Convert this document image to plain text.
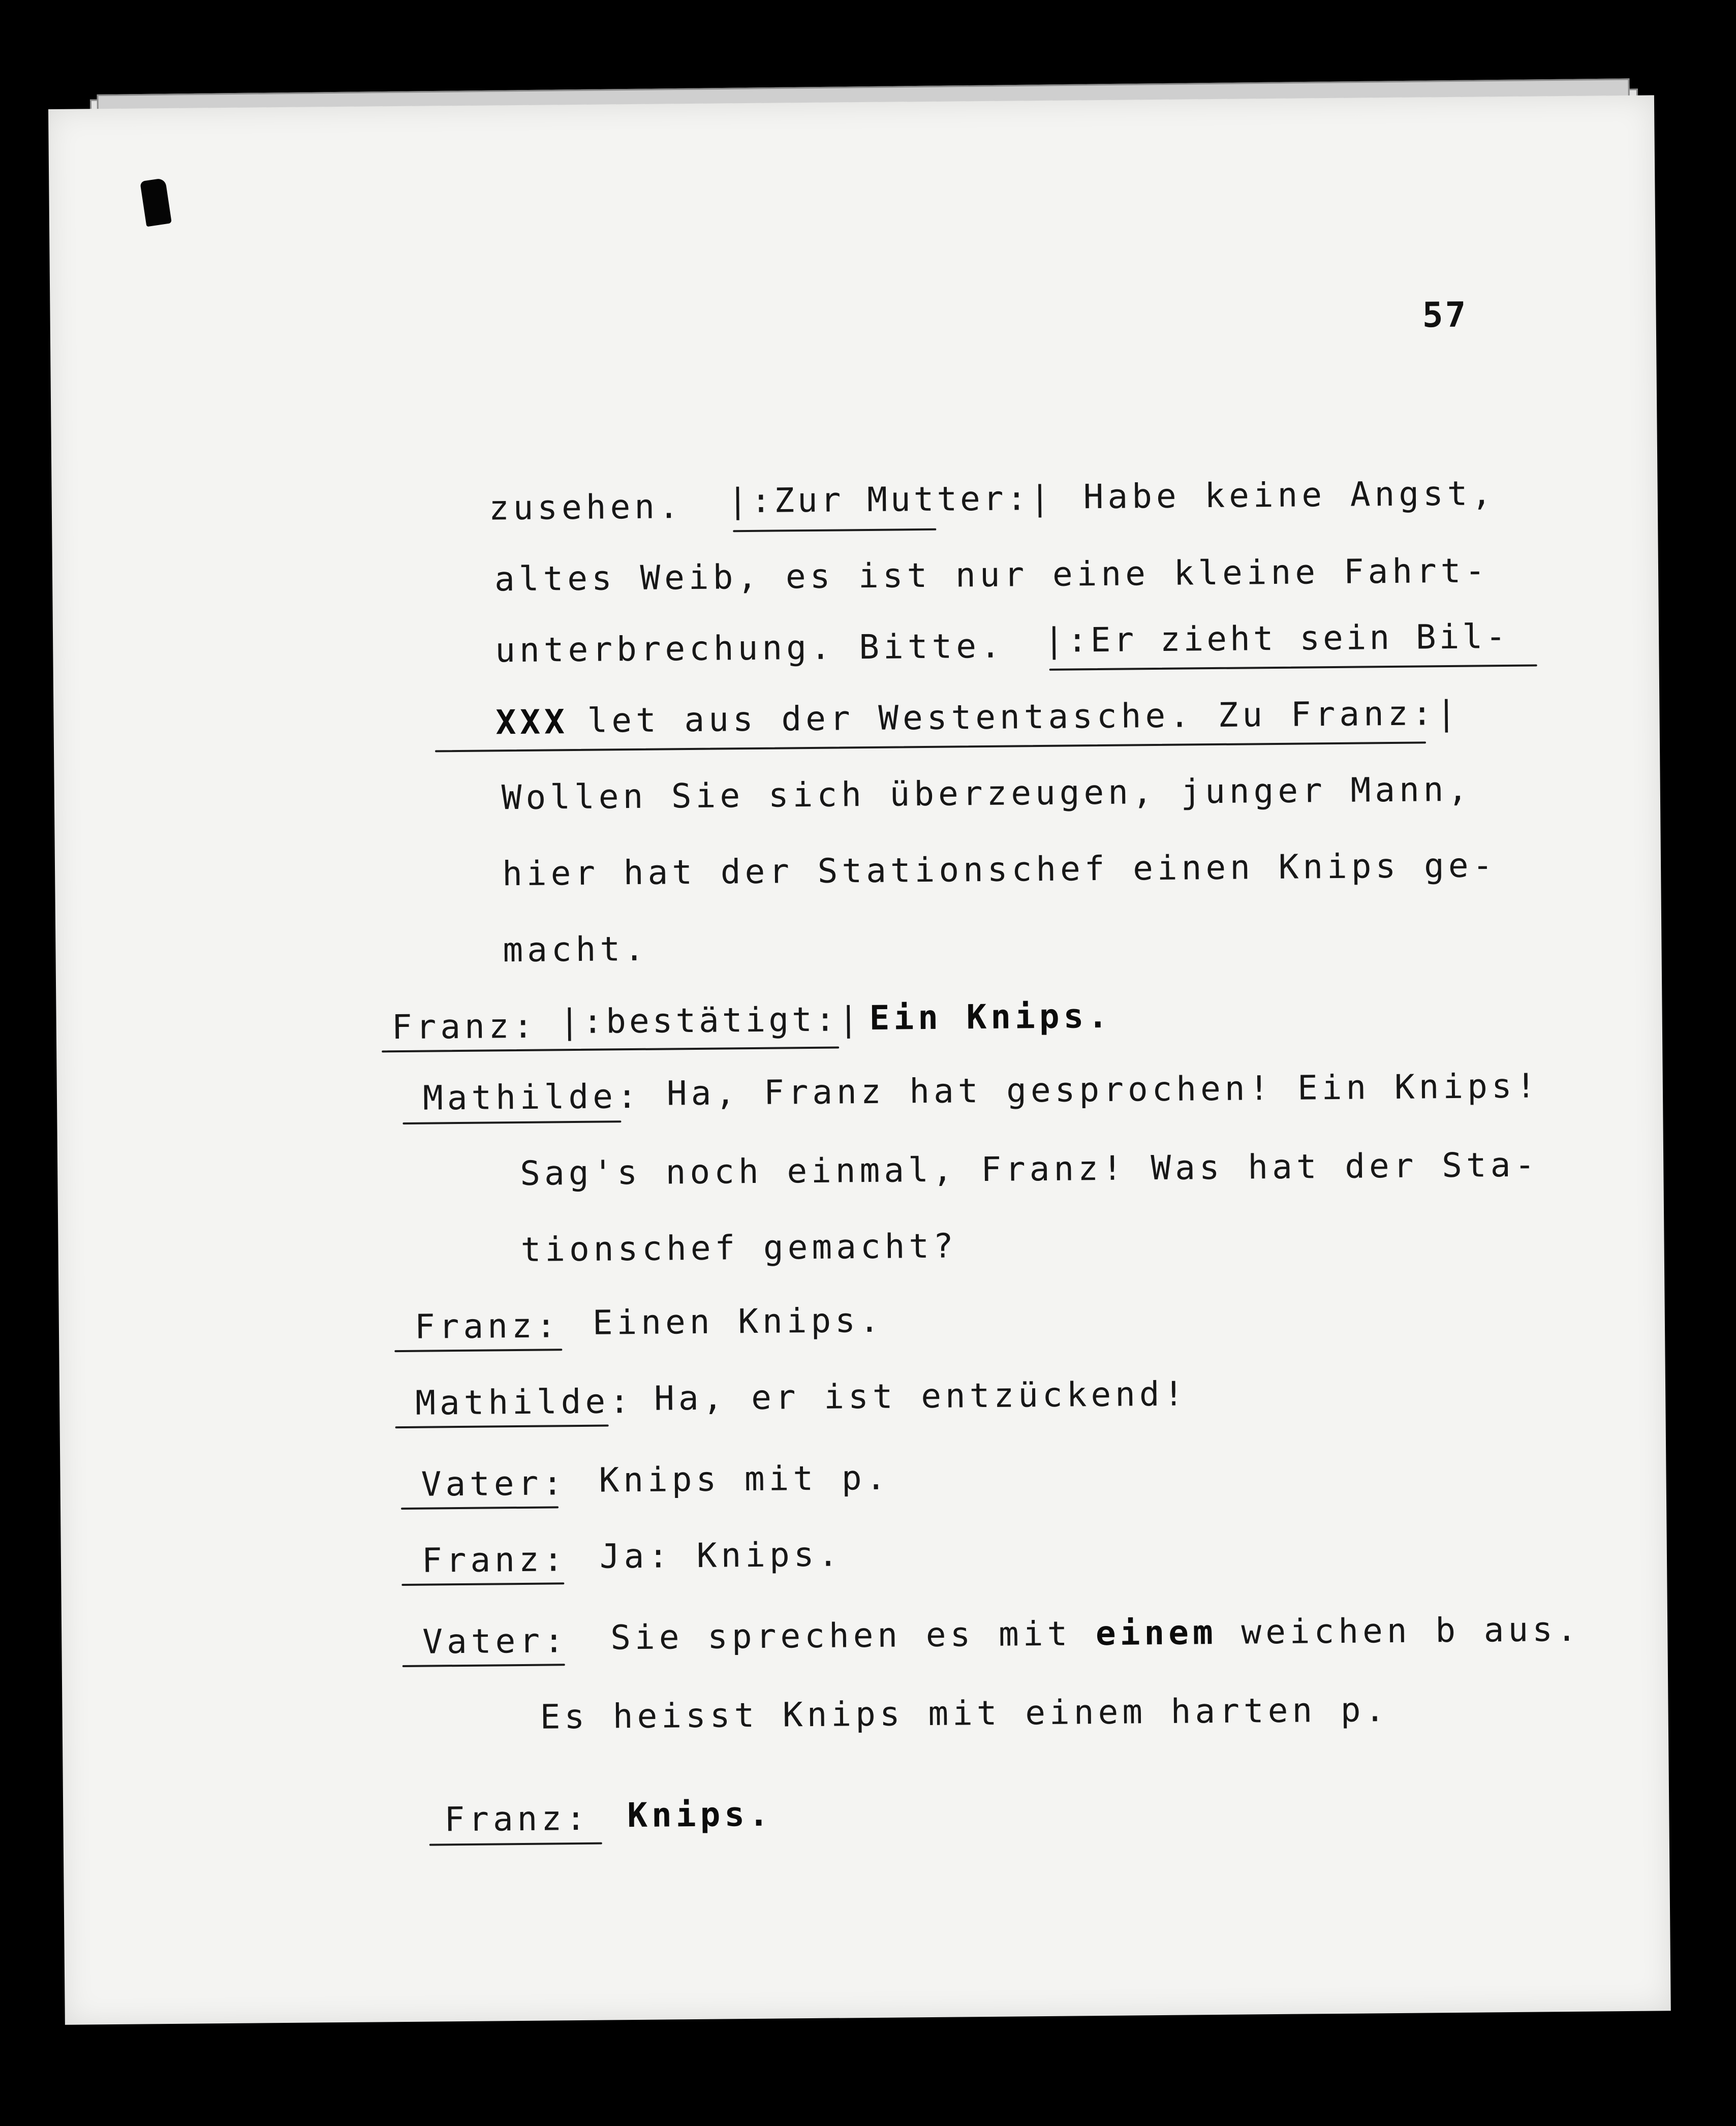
57
zusehen. |:Zur Mutter:| Habe keine Angst,
altes Weib, es ist nur eine kleine Fahrt-
unterbrechung. Bitte. |:Er zieht sein Bil-
XXX let aus der Westentasche. Zu Franz:|
Wollen Sie sich überzeugen, junger Mann,
hier hat der Stationschef einen Knips ge-
macht.
Franz: |:bestätigt:| Ein Knips.
Mathilde: Ha, Franz hat gesprochen! Ein Knips!
Sag's noch einmal, Franz! Was hat der Sta-
tionschef gemacht?
Franz: Einen Knips.
Mathilde: Ha, er ist entzückend!
Vater: Knips mit p.
Franz: Ja: Knips.
Vater: Sie sprechen es mit einem weichen b aus.
Es heisst Knips mit einem harten p.
Franz: Knips.
